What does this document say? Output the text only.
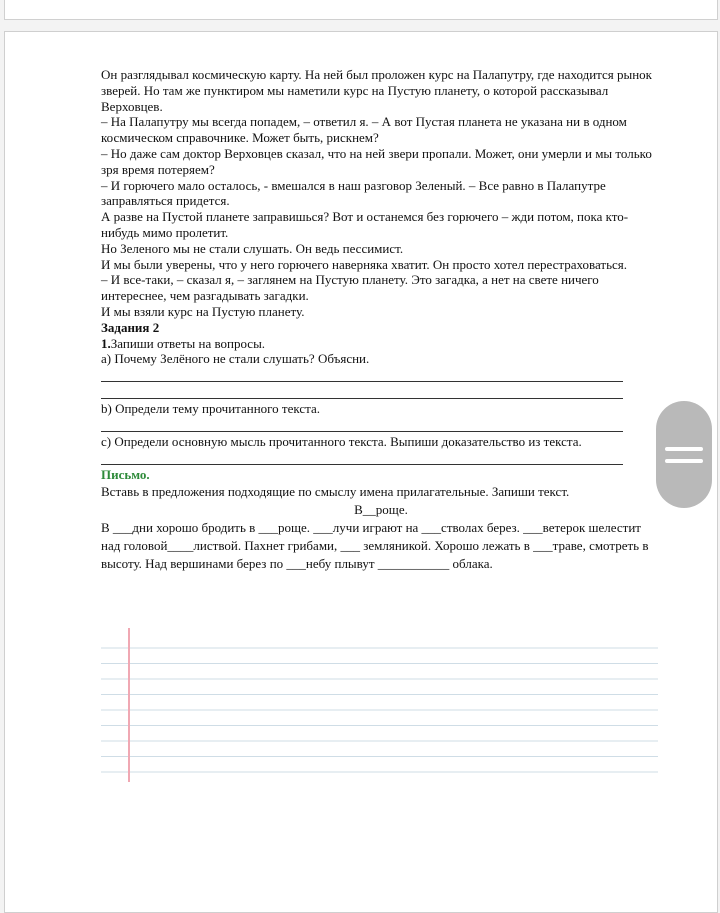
Он разглядывал космическую карту. На ней был проложен курс на Палапутру, где находится рынок зверей. Но там же пунктиром мы наметили курс на Пустую планету, о которой рассказывал Верховцев.

– На Палапутру мы всегда попадем, – ответил я. – А вот Пустая планета не указана ни в одном космическом справочнике. Может быть, рискнем?

– Но даже сам доктор Верховцев сказал, что на ней звери пропали. Может, они умерли и мы только зря время потеряем?

– И горючего мало осталось, - вмешался в наш разговор Зеленый. – Все равно в Палапутре заправляться придется.

А разве на Пустой планете заправишься? Вот и останемся без горючего – жди потом, пока кто-нибудь мимо пролетит.

Но Зеленого мы не стали слушать. Он ведь пессимист.

И мы были уверены, что у него горючего наверняка хватит. Он просто хотел перестраховаться.

– И все-таки, – сказал я, – заглянем на Пустую планету. Это загадка, а нет на свете ничего интереснее, чем разгадывать загадки.

И мы взяли курс на Пустую планету.

Задания 2

1.Запиши ответы на вопросы.

а) Почему Зелёного не стали слушать? Объясни.

b) Определи тему прочитанного текста.

c) Определи основную мысль прочитанного текста. Выпиши доказательство из текста.

Письмо.

Вставь в предложения подходящие по смыслу имена прилагательные. Запиши текст.

В__роще.

В ___дни хорошо бродить в ___роще. ___лучи играют на ___стволах берез. ___ветерок шелестит над головой____листвой. Пахнет грибами, ___ земляникой. Хорошо лежать в ___траве, смотреть в высоту. Над вершинами берез по ___небу плывут ___________ облака.
